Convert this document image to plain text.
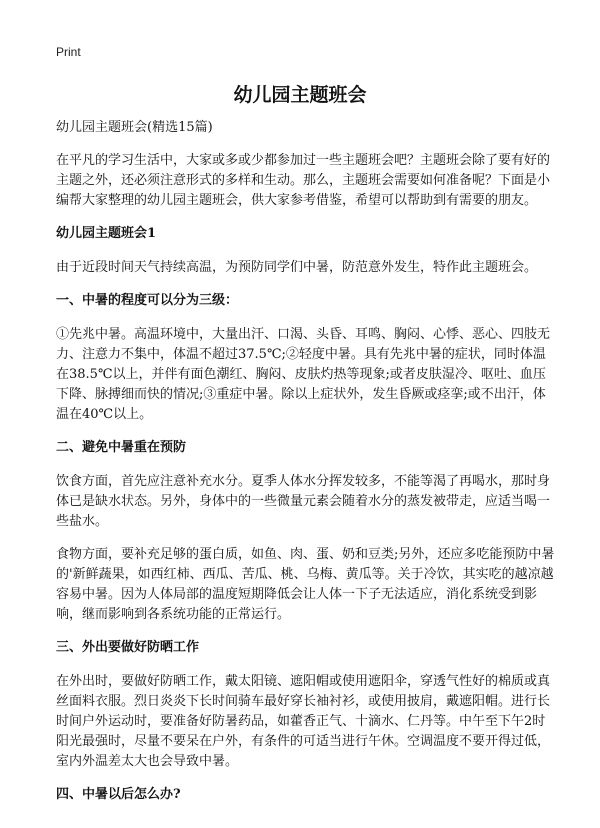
Print
幼儿园主题班会

幼儿园主题班会(精选15篇)

在平凡的学习生活中，大家或多或少都参加过一些主题班会吧？主题班会除了要有好的主题之外，还必须注意形式的多样和生动。那么，主题班会需要如何准备呢？下面是小编帮大家整理的幼儿园主题班会，供大家参考借鉴，希望可以帮助到有需要的朋友。

幼儿园主题班会1

由于近段时间天气持续高温，为预防同学们中暑，防范意外发生，特作此主题班会。

一、中暑的程度可以分为三级：

①先兆中暑。高温环境中，大量出汗、口渴、头昏、耳鸣、胸闷、心悸、恶心、四肢无力、注意力不集中，体温不超过37.5℃;②轻度中暑。具有先兆中暑的症状，同时体温在38.5℃以上，并伴有面色潮红、胸闷、皮肤灼热等现象;或者皮肤湿冷、呕吐、血压下降、脉搏细而快的情况;③重症中暑。除以上症状外，发生昏厥或痉挛;或不出汗，体温在40℃以上。

二、避免中暑重在预防

饮食方面，首先应注意补充水分。夏季人体水分挥发较多，不能等渴了再喝水，那时身体已是缺水状态。另外，身体中的一些微量元素会随着水分的蒸发被带走，应适当喝一些盐水。

食物方面，要补充足够的蛋白质，如鱼、肉、蛋、奶和豆类;另外，还应多吃能预防中暑的'新鲜蔬果，如西红柿、西瓜、苦瓜、桃、乌梅、黄瓜等。关于冷饮，其实吃的越凉越容易中暑。因为人体局部的温度短期降低会让人体一下子无法适应，消化系统受到影响，继而影响到各系统功能的正常运行。

三、外出要做好防晒工作

在外出时，要做好防晒工作，戴太阳镜、遮阳帽或使用遮阳伞，穿透气性好的棉质或真丝面料衣服。烈日炎炎下长时间骑车最好穿长袖衬衫，或使用披肩，戴遮阳帽。进行长时间户外运动时，要准备好防暑药品，如藿香正气、十滴水、仁丹等。中午至下午2时阳光最强时，尽量不要呆在户外，有条件的可适当进行午休。空调温度不要开得过低，室内外温差太大也会导致中暑。

四、中暑以后怎么办?
